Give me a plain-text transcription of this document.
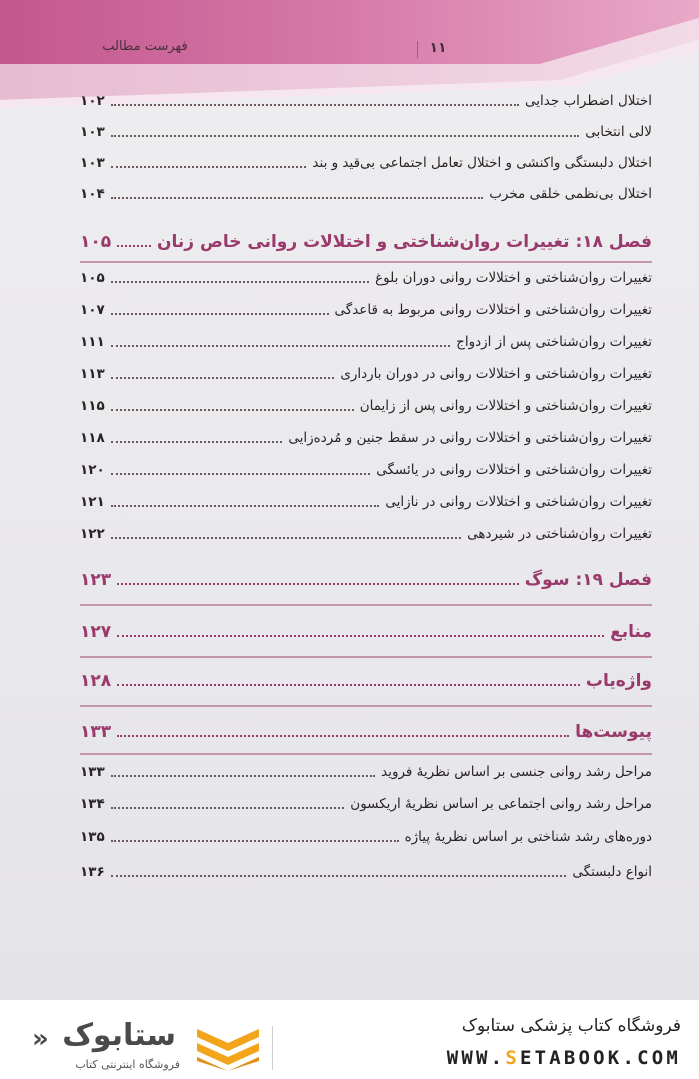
فهرست مطالب	۱۱
اختلال اضطراب جدایی
۱۰۲
لالی انتخابی
۱۰۳
اختلال دلبستگی واکنشی و اختلال تعامل اجتماعی بی‌قید و بند
۱۰۳
اختلال بی‌نظمی خلقی مخرب
۱۰۴
فصل ۱۸: تغییرات روان‌شناختی و اختلالات روانی خاص زنان
۱۰۵
تغییرات روان‌شناختی و اختلالات روانی دوران بلوغ
۱۰۵
تغییرات روان‌شناختی و اختلالات روانی مربوط به قاعدگی
۱۰۷
تغییرات روان‌شناختی پس از ازدواج
۱۱۱
تغییرات روان‌شناختی و اختلالات روانی در دوران بارداری
۱۱۳
تغییرات روان‌شناختی و اختلالات روانی پس از زایمان
۱۱۵
تغییرات روان‌شناختی و اختلالات روانی در سقط جنین و مُرده‌زایی
۱۱۸
تغییرات روان‌شناختی و اختلالات روانی در یائسگی
۱۲۰
تغییرات روان‌شناختی و اختلالات روانی در نازایی
۱۲۱
تغییرات روان‌شناختی در شیردهی
۱۲۲
فصل ۱۹: سوگ
۱۲۳
منابع
۱۲۷
واژه‌یاب
۱۲۸
پیوست‌ها
۱۳۳
مراحل رشد روانی جنسی بر اساس نظریهٔ فروید
۱۳۳
مراحل رشد روانی اجتماعی بر اساس نظریهٔ اریکسون
۱۳۴
دوره‌های رشد شناختی بر اساس نظریهٔ پیاژه
۱۳۵
انواع دلبستگی
۱۳۶
« ستابوک
فروشگاه اینترنتی کتاب
فروشگاه کتاب پزشکی ستابوک
WWW.SETABOOK.COM
